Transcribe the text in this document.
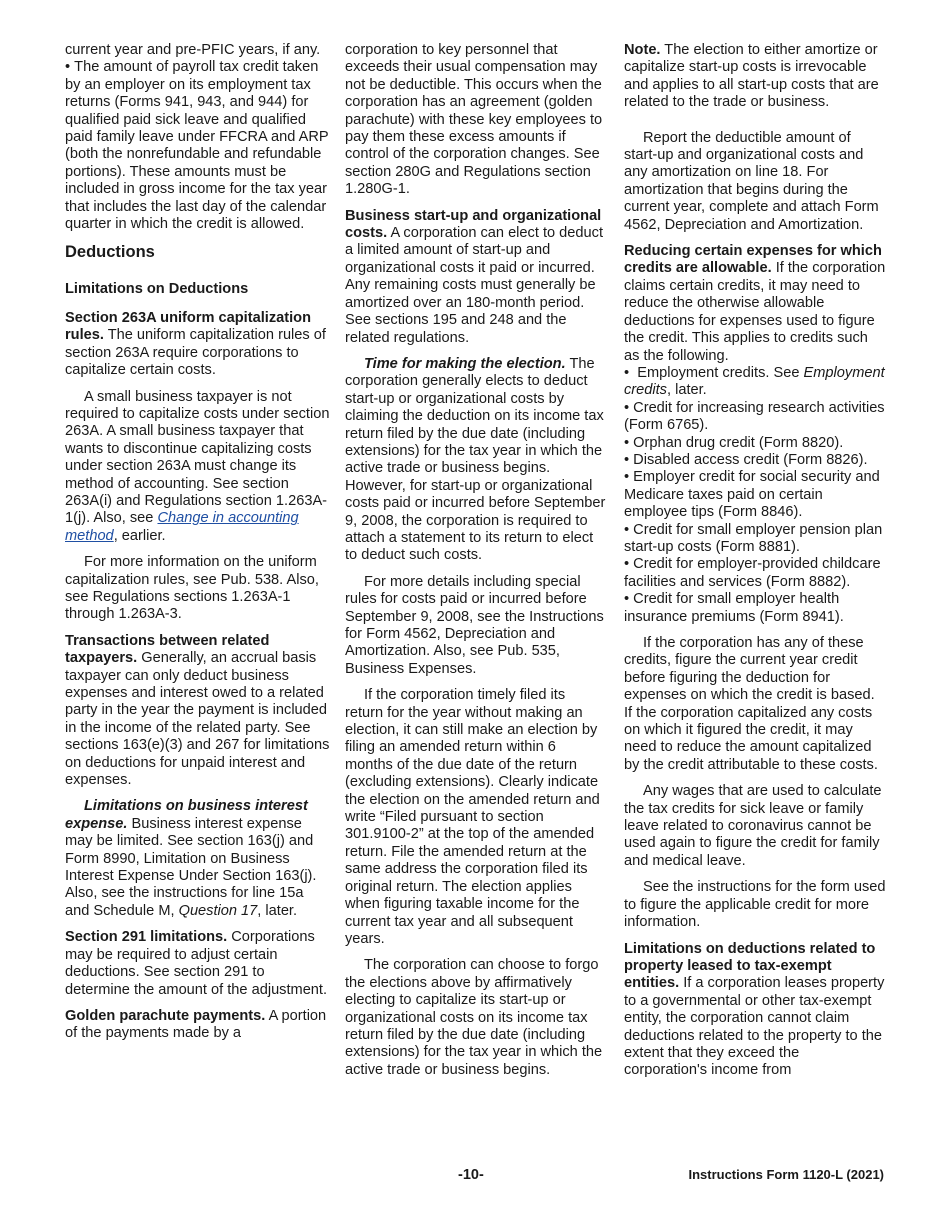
current year and pre-PFIC years, if any.

• The amount of payroll tax credit taken by an employer on its employment tax returns (Forms 941, 943, and 944) for qualified paid sick leave and qualified paid family leave under FFCRA and ARP (both the nonrefundable and refundable portions). These amounts must be included in gross income for the tax year that includes the last day of the calendar quarter in which the credit is allowed.

Deductions
Limitations on Deductions

Section 263A uniform capitalization rules. The uniform capitalization rules of section 263A require corporations to capitalize certain costs.

A small business taxpayer is not required to capitalize costs under section 263A. A small business taxpayer that wants to discontinue capitalizing costs under section 263A must change its method of accounting. See section 263A(i) and Regulations section 1.263A-1(j). Also, see Change in accounting method, earlier.

For more information on the uniform capitalization rules, see Pub. 538. Also, see Regulations sections 1.263A-1 through 1.263A-3.

Transactions between related taxpayers. Generally, an accrual basis taxpayer can only deduct business expenses and interest owed to a related party in the year the payment is included in the income of the related party. See sections 163(e)(3) and 267 for limitations on deductions for unpaid interest and expenses.

Limitations on business interest expense. Business interest expense may be limited. See section 163(j) and Form 8990, Limitation on Business Interest Expense Under Section 163(j). Also, see the instructions for line 15a and Schedule M, Question 17, later.

Section 291 limitations. Corporations may be required to adjust certain deductions. See section 291 to determine the amount of the adjustment.

Golden parachute payments. A portion of the payments made by a

corporation to key personnel that exceeds their usual compensation may not be deductible. This occurs when the corporation has an agreement (golden parachute) with these key employees to pay them these excess amounts if control of the corporation changes. See section 280G and Regulations section 1.280G-1.

Business start-up and organizational costs. A corporation can elect to deduct a limited amount of start-up and organizational costs it paid or incurred. Any remaining costs must generally be amortized over an 180-month period. See sections 195 and 248 and the related regulations.

Time for making the election. The corporation generally elects to deduct start-up or organizational costs by claiming the deduction on its income tax return filed by the due date (including extensions) for the tax year in which the active trade or business begins. However, for start-up or organizational costs paid or incurred before September 9, 2008, the corporation is required to attach a statement to its return to elect to deduct such costs.

For more details including special rules for costs paid or incurred before September 9, 2008, see the Instructions for Form 4562, Depreciation and Amortization. Also, see Pub. 535, Business Expenses.

If the corporation timely filed its return for the year without making an election, it can still make an election by filing an amended return within 6 months of the due date of the return (excluding extensions). Clearly indicate the election on the amended return and write “Filed pursuant to section 301.9100-2” at the top of the amended return. File the amended return at the same address the corporation filed its original return. The election applies when figuring taxable income for the current tax year and all subsequent years.

The corporation can choose to forgo the elections above by affirmatively electing to capitalize its start-up or organizational costs on its income tax return filed by the due date (including extensions) for the tax year in which the active trade or business begins.

Note. The election to either amortize or capitalize start-up costs is irrevocable and applies to all start-up costs that are related to the trade or business.

Report the deductible amount of start-up and organizational costs and any amortization on line 18. For amortization that begins during the current year, complete and attach Form 4562, Depreciation and Amortization.

Reducing certain expenses for which credits are allowable. If the corporation claims certain credits, it may need to reduce the otherwise allowable deductions for expenses used to figure the credit. This applies to credits such as the following.

• Employment credits. See Employment credits, later.

• Credit for increasing research activities (Form 6765).

• Orphan drug credit (Form 8820).

• Disabled access credit (Form 8826).

• Employer credit for social security and Medicare taxes paid on certain employee tips (Form 8846).

• Credit for small employer pension plan start-up costs (Form 8881).

• Credit for employer-provided childcare facilities and services (Form 8882).

• Credit for small employer health insurance premiums (Form 8941).

If the corporation has any of these credits, figure the current year credit before figuring the deduction for expenses on which the credit is based. If the corporation capitalized any costs on which it figured the credit, it may need to reduce the amount capitalized by the credit attributable to these costs.

Any wages that are used to calculate the tax credits for sick leave or family leave related to coronavirus cannot be used again to figure the credit for family and medical leave.

See the instructions for the form used to figure the applicable credit for more information.

Limitations on deductions related to property leased to tax-exempt entities. If a corporation leases property to a governmental or other tax-exempt entity, the corporation cannot claim deductions related to the property to the extent that they exceed the corporation's income from

-10-	Instructions Form 1120-L (2021)
